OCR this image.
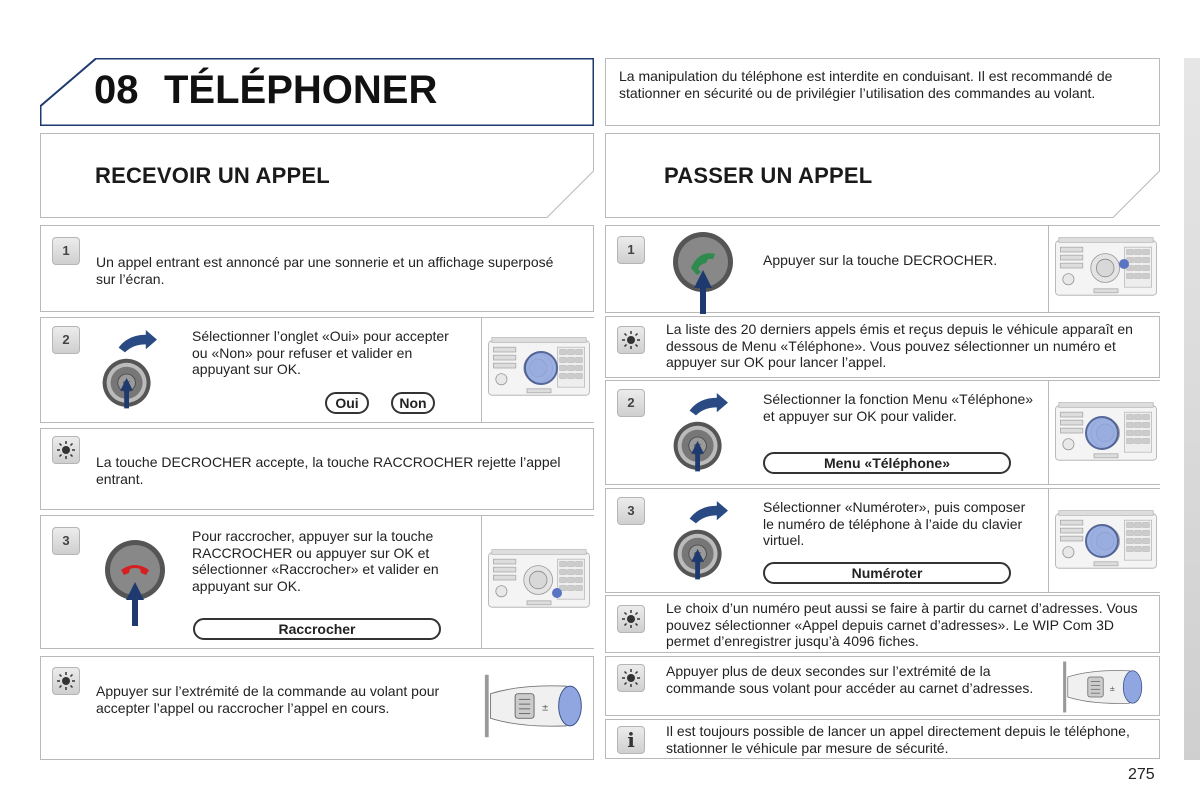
08 TÉLÉPHONER	La manipulation du téléphone est interdite en conduisant. Il est recommandé de stationner en sécurité ou de privilégier l’utilisation des commandes au volant.
RECEVOIR UN APPEL	PASSER UN APPEL
1
Un appel entrant est annoncé par une sonnerie et un affichage superposé sur l’écran.
2	Sélectionner l’onglet «Oui» pour accepter ou «Non» pour refuser et valider en appuyant sur OK.
Oui	Non
La touche DECROCHER accepte, la touche RACCROCHER rejette l’appel entrant.
3	Pour raccrocher, appuyer sur la touche RACCROCHER ou appuyer sur OK et sélectionner «Raccrocher» et valider en appuyant sur OK.
Raccrocher
Appuyer sur l’extrémité de la commande au volant pour accepter l’appel ou raccrocher l’appel en cours.
1
Appuyer sur la touche DECROCHER.
La liste des 20 derniers appels émis et reçus depuis le véhicule apparaît en dessous de Menu «Téléphone». Vous pouvez sélectionner un numéro et appuyer sur OK pour lancer l’appel.
2	Sélectionner la fonction Menu «Téléphone» et appuyer sur OK pour valider.
Menu «Téléphone»
3	Sélectionner «Numéroter», puis composer le numéro de téléphone à l’aide du clavier virtuel.
Numéroter
Le choix d’un numéro peut aussi se faire à partir du carnet d’adresses. Vous pouvez sélectionner «Appel depuis carnet d’adresses». Le WIP Com 3D permet d’enregistrer jusqu’à 4096 fiches.
Appuyer plus de deux secondes sur l’extrémité de la commande sous volant pour accéder au carnet d’adresses.
i	Il est toujours possible de lancer un appel directement depuis le téléphone, stationner le véhicule par mesure de sécurité.
275
